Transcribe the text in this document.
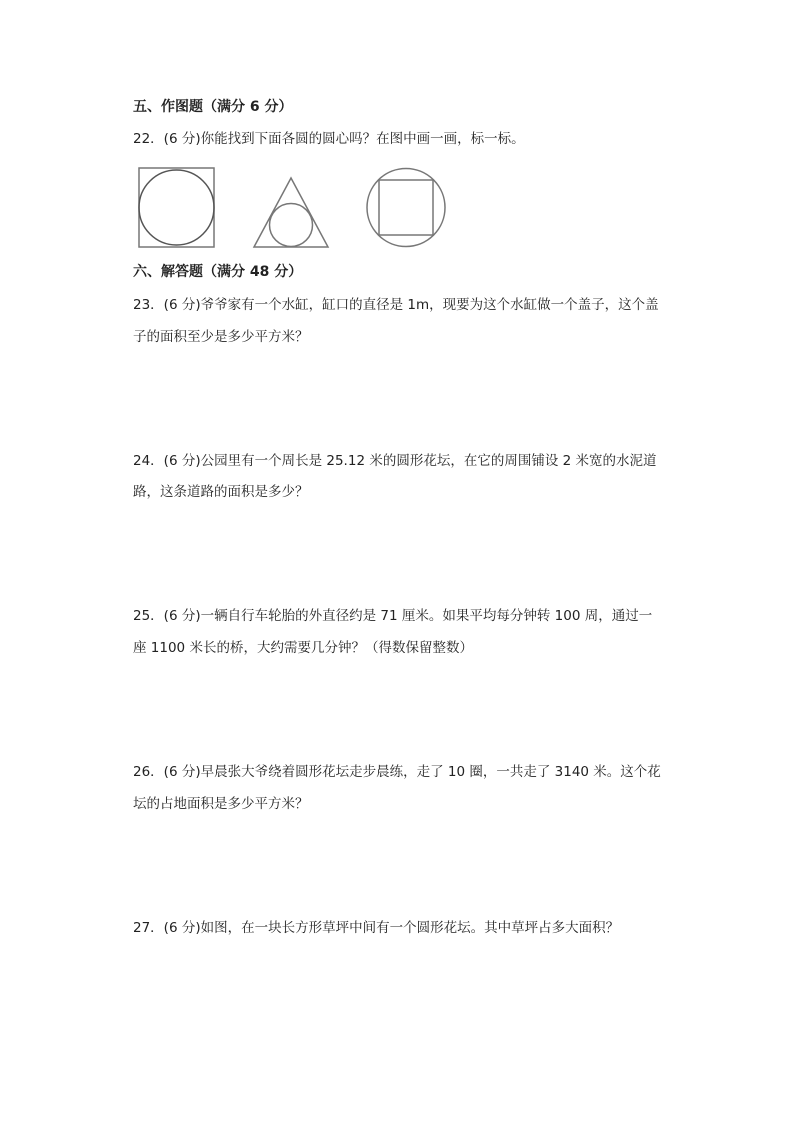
五、作图题（满分 6 分）
22．(6 分)你能找到下面各圆的圆心吗？在图中画一画，标一标。
六、解答题（满分 48 分）
23．(6 分)爷爷家有一个水缸，缸口的直径是 1m，现要为这个水缸做一个盖子，这个盖
子的面积至少是多少平方米？
24．(6 分)公园里有一个周长是 25.12 米的圆形花坛，在它的周围铺设 2 米宽的水泥道
路，这条道路的面积是多少？
25．(6 分)一辆自行车轮胎的外直径约是 71 厘米。如果平均每分钟转 100 周，通过一
座 1100 米长的桥，大约需要几分钟？（得数保留整数）
26．(6 分)早晨张大爷绕着圆形花坛走步晨练，走了 10 圈，一共走了 3140 米。这个花
坛的占地面积是多少平方米？
27．(6 分)如图，在一块长方形草坪中间有一个圆形花坛。其中草坪占多大面积？
